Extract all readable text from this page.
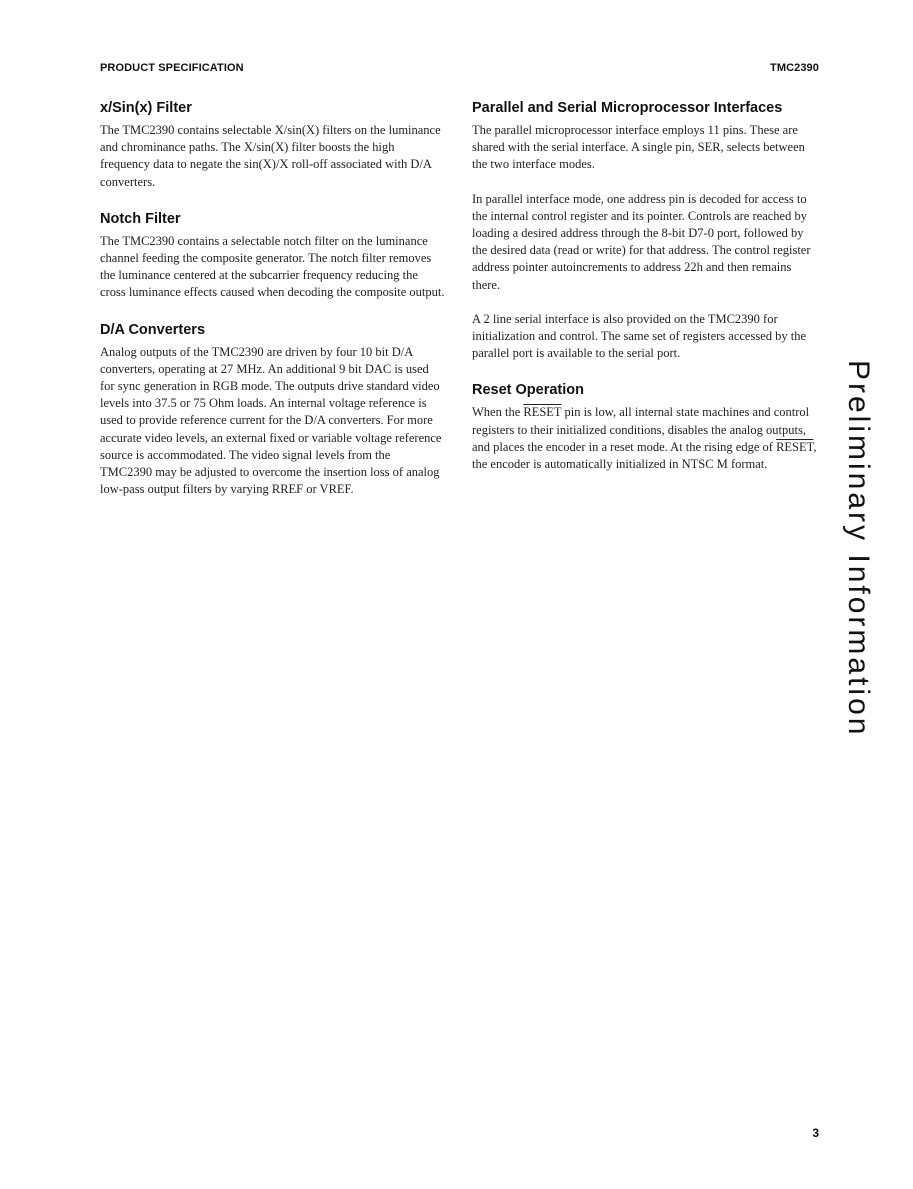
PRODUCT SPECIFICATION	TMC2390
x/Sin(x) Filter

The TMC2390 contains selectable X/sin(X) filters on the luminance and chrominance paths. The X/sin(X) filter boosts the high frequency data to negate the sin(X)/X roll-off associated with D/A converters.

Notch Filter

The TMC2390 contains a selectable notch filter on the luminance channel feeding the composite generator. The notch filter removes the luminance centered at the subcarrier frequency reducing the cross luminance effects caused when decoding the composite output.

D/A Converters

Analog outputs of the TMC2390 are driven by four 10 bit D/A converters, operating at 27 MHz. An additional 9 bit DAC is used for sync generation in RGB mode. The outputs drive standard video levels into 37.5 or 75 Ohm loads. An internal voltage reference is used to provide reference current for the D/A converters. For more accurate video levels, an external fixed or variable voltage reference source is accommodated. The video signal levels from the TMC2390 may be adjusted to overcome the insertion loss of analog low-pass output filters by varying RREF or VREF.

Parallel and Serial Microprocessor Interfaces

The parallel microprocessor interface employs 11 pins. These are shared with the serial interface. A single pin, SER, selects between the two interface modes.

In parallel interface mode, one address pin is decoded for access to the internal control register and its pointer. Controls are reached by loading a desired address through the 8-bit D7-0 port, followed by the desired data (read or write) for that address. The control register address pointer autoincrements to address 22h and then remains there.

A 2 line serial interface is also provided on the TMC2390 for initialization and control. The same set of registers accessed by the parallel port is available to the serial port.

Reset Operation

When the RESET pin is low, all internal state machines and control registers to their initialized conditions, disables the analog outputs, and places the encoder in a reset mode. At the rising edge of RESET, the encoder is automatically initialized in NTSC M format.	Preliminary Information
3
